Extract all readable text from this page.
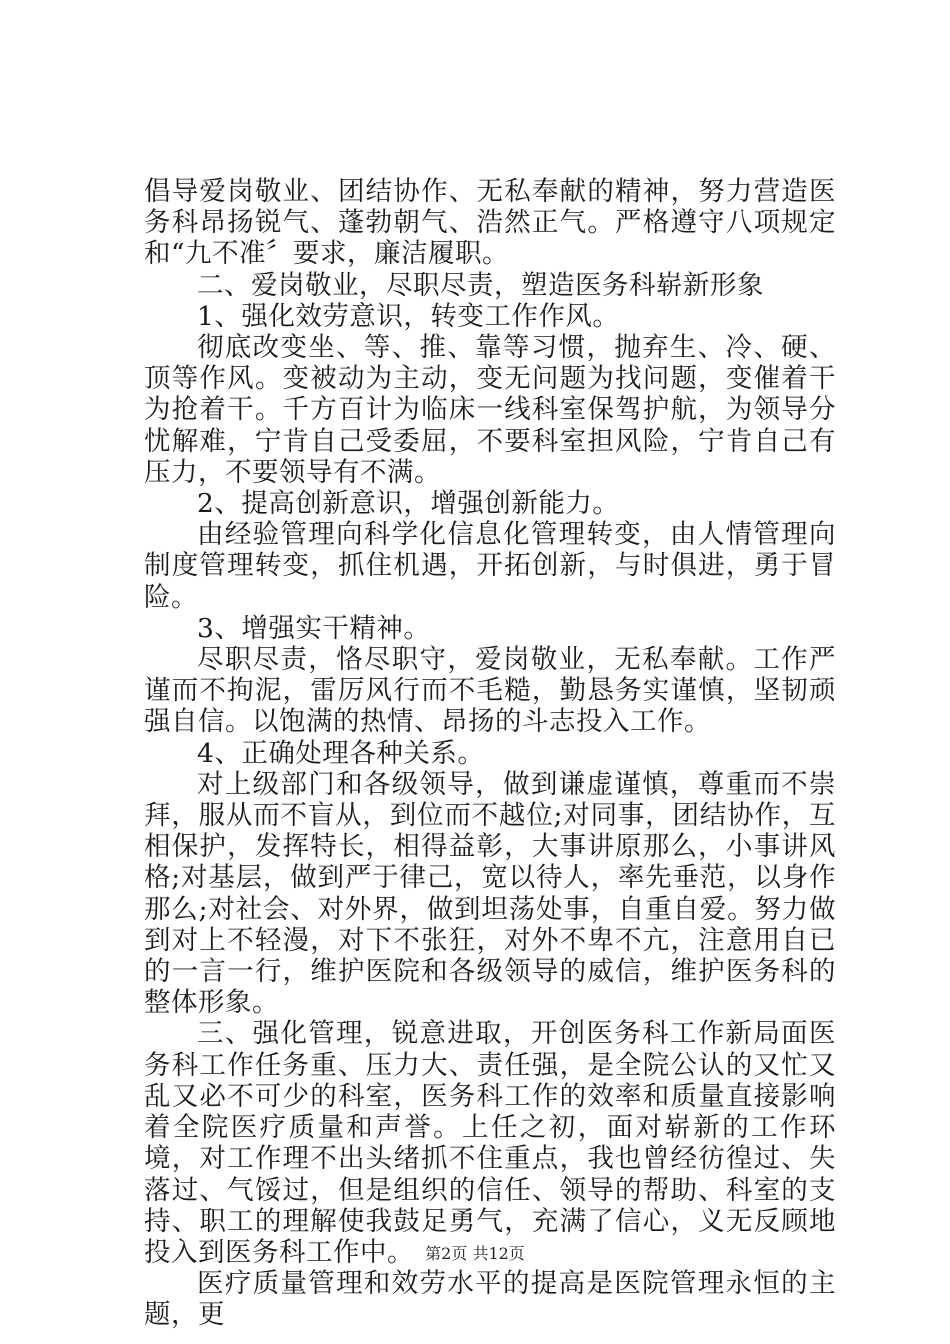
倡导爱岗敬业、团结协作、无私奉献的精神，努力营造医务科昂扬锐气、蓬勃朝气、浩然正气。严格遵守八项规定和“九不准〞要求，廉洁履职。

二、爱岗敬业，尽职尽责，塑造医务科崭新形象

1、强化效劳意识，转变工作作风。

彻底改变坐、等、推、靠等习惯，抛弃生、冷、硬、顶等作风。变被动为主动，变无问题为找问题，变催着干为抢着干。千方百计为临床一线科室保驾护航，为领导分忧解难，宁肯自己受委屈，不要科室担风险，宁肯自己有压力，不要领导有不满。

2、提高创新意识，增强创新能力。

由经验管理向科学化信息化管理转变，由人情管理向制度管理转变，抓住机遇，开拓创新，与时俱进，勇于冒险。

3、增强实干精神。

尽职尽责，恪尽职守，爱岗敬业，无私奉献。工作严谨而不拘泥，雷厉风行而不毛糙，勤恳务实谨慎，坚韧顽强自信。以饱满的热情、昂扬的斗志投入工作。

4、正确处理各种关系。

对上级部门和各级领导，做到谦虚谨慎，尊重而不崇拜，服从而不盲从，到位而不越位;对同事，团结协作，互相保护，发挥特长，相得益彰，大事讲原那么，小事讲风格;对基层，做到严于律己，宽以待人，率先垂范，以身作那么;对社会、对外界，做到坦荡处事，自重自爱。努力做到对上不轻漫，对下不张狂，对外不卑不亢，注意用自已的一言一行，维护医院和各级领导的威信，维护医务科的整体形象。

三、强化管理，锐意进取，开创医务科工作新局面医务科工作任务重、压力大、责任强，是全院公认的又忙又乱又必不可少的科室，医务科工作的效率和质量直接影响着全院医疗质量和声誉。上任之初，面对崭新的工作环境，对工作理不出头绪抓不住重点，我也曾经彷徨过、失落过、气馁过，但是组织的信任、领导的帮助、科室的支持、职工的理解使我鼓足勇气，充满了信心，义无反顾地投入到医务科工作中。

医疗质量管理和效劳水平的提高是医院管理永恒的主题，更

第2页 共12页
